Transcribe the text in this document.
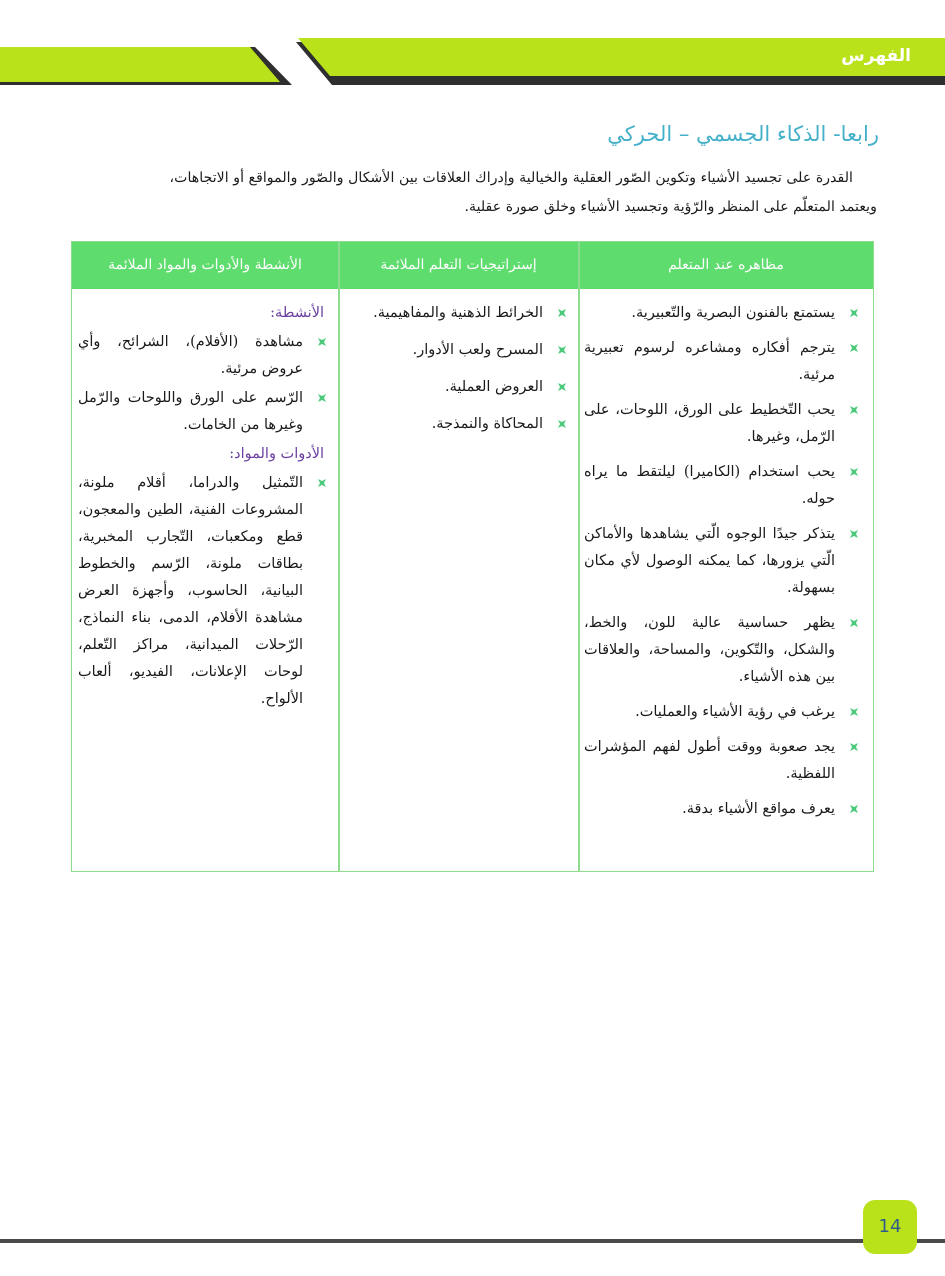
الفهرس
رابعا- الذكاء الجسمي – الحركي

القدرة على تجسيد الأشياء وتكوين الصّور العقلية والخيالية وإدراك العلاقات بين الأشكال والصّور والمواقع أو الاتجاهات،

ويعتمد المتعلّم على المنظر والرّؤية وتجسيد الأشياء وخلق صورة عقلية.

مظاهره عند المتعلم
إستراتيجيات التعلم الملائمة
الأنشطة والأدوات والمواد الملائمة
يستمتع بالفنون البصرية والتّعبيرية.
يترجم أفكاره ومشاعره لرسوم تعبيرية مرئية.
يحب التّخطيط على الورق، اللوحات، على الرّمل، وغيرها.
يحب استخدام (الكاميرا) ليلتقط ما يراه حوله.
يتذكر جيدًا الوجوه الّتي يشاهدها والأماكن الّتي يزورها، كما يمكنه الوصول لأي مكان بسهولة.
يظهر حساسية عالية للون، والخط، والشكل، والتّكوين، والمساحة، والعلاقات بين هذه الأشياء.
يرغب في رؤية الأشياء والعمليات.
يجد صعوبة ووقت أطول لفهم المؤشرات اللفظية.
يعرف مواقع الأشياء بدقة.
الخرائط الذهنية والمفاهيمية.
المسرح ولعب الأدوار.
العروض العملية.
المحاكاة والنمذجة.

الأنشطة:

مشاهدة (الأفلام)، الشرائح، وأي عروض مرئية.
الرّسم على الورق واللوحات والرّمل وغيرها من الخامات.

الأدوات والمواد:

التّمثيل والدراما، أقلام ملونة، المشروعات الفنية، الطين والمعجون، قطع ومكعبات، التّجارب المخبرية، بطاقات ملونة، الرّسم والخطوط البيانية، الحاسوب، وأجهزة العرض مشاهدة الأفلام، الدمى، بناء النماذج، الرّحلات الميدانية، مراكز التّعلم، لوحات الإعلانات، الفيديو، ألعاب الألواح.
14
